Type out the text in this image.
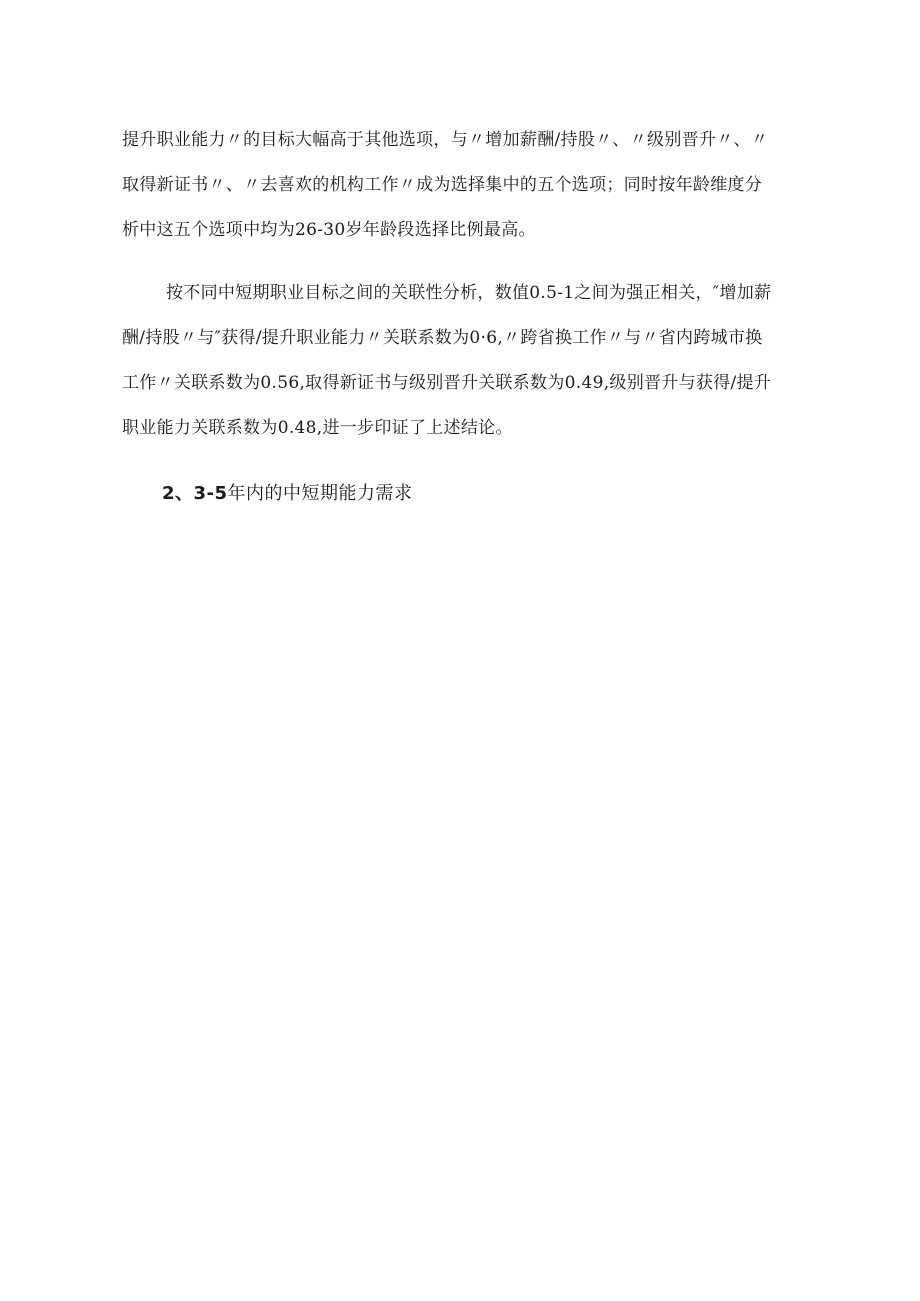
提升职业能力〃的目标大幅高于其他选项，与〃增加薪酬/持股〃、〃级别晋升〃、〃
取得新证书〃、〃去喜欢的机构工作〃成为选择集中的五个选项；同时按年龄维度分
析中这五个选项中均为26-30岁年龄段选择比例最高。

按不同中短期职业目标之间的关联性分析，数值0.5-1之间为强正相关，″增加薪
酬/持股〃与″获得/提升职业能力〃关联系数为0·6,〃跨省换工作〃与〃省内跨城市换
工作〃关联系数为0.56,取得新证书与级别晋升关联系数为0.49,级别晋升与获得/提升
职业能力关联系数为0.48,进一步印证了上述结论。

2、3-5年内的中短期能力需求
